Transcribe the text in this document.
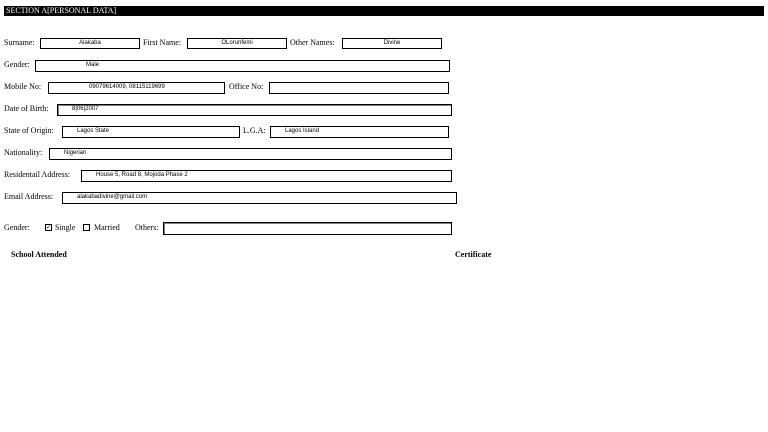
SECTION A[PERSONAL DATA]
Surname:	Alakaba	First Name:	OLorunfemi	Other Names:	Divine
Gender:	Male
Mobile No:	09079614009, 08115119699	Office No:
Date of Birth:	8|06|2007
State of Origin:	Lagos State	L.G.A:	Lagos Island
Nationality:	Nigerian
Residentail Address:	House 5, Road 8, Mojoda Phase 2
Email Address:	alakabadivine@gmail.com
Gender:	✓ Single Married Others:
School Attended	Certificate
